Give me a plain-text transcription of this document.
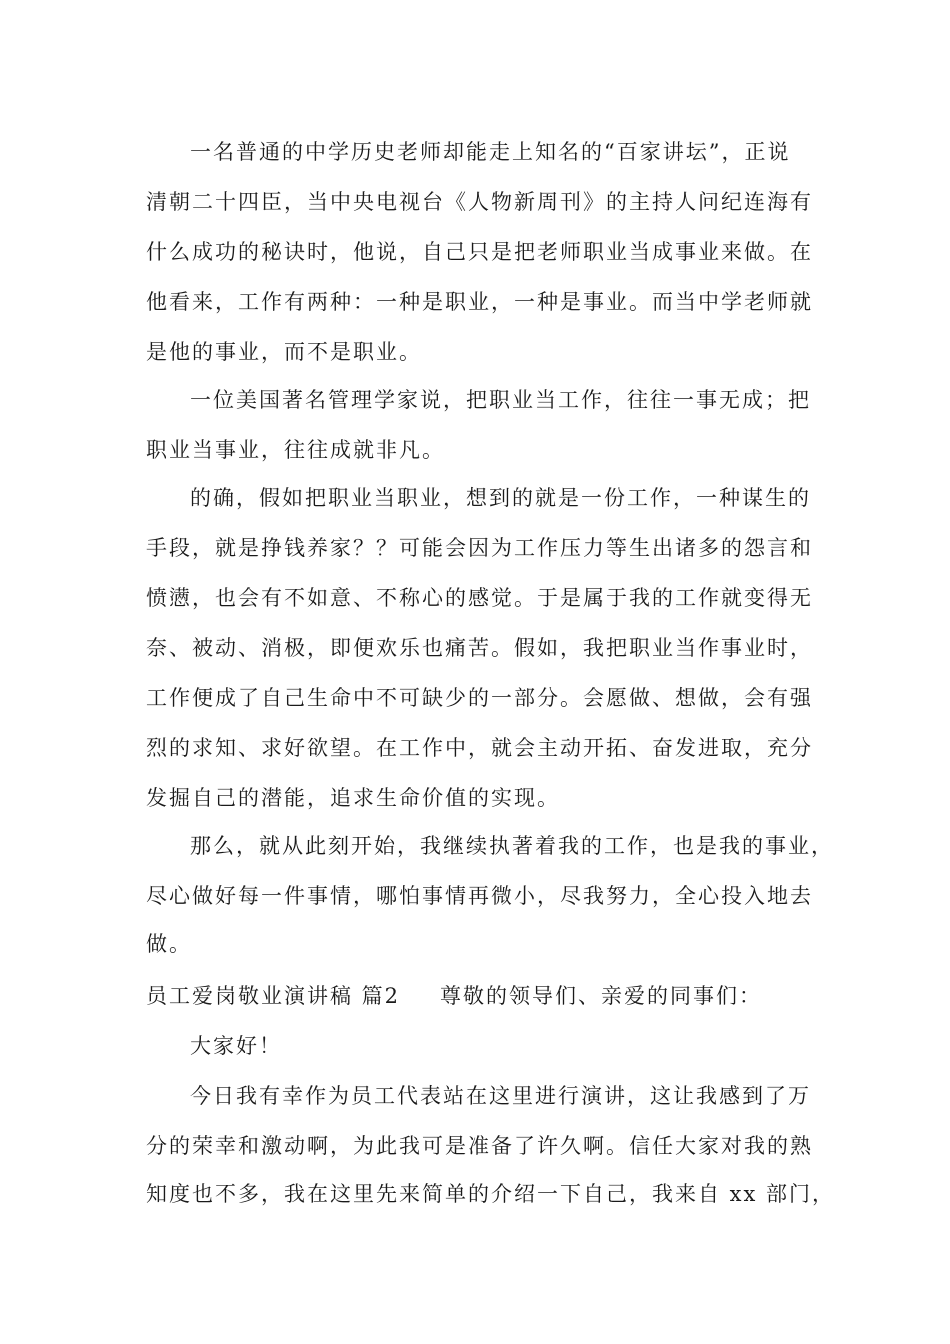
一名普通的中学历史老师却能走上知名的“百家讲坛”，正说
清朝二十四臣，当中央电视台《人物新周刊》的主持人问纪连海有
什么成功的秘诀时，他说，自己只是把老师职业当成事业来做。在
他看来，工作有两种：一种是职业，一种是事业。而当中学老师就
是他的事业，而不是职业。
一位美国著名管理学家说，把职业当工作，往往一事无成；把
职业当事业，往往成就非凡。
的确，假如把职业当职业，想到的就是一份工作，一种谋生的
手段，就是挣钱养家？？可能会因为工作压力等生出诸多的怨言和
愤懑，也会有不如意、不称心的感觉。于是属于我的工作就变得无
奈、被动、消极，即便欢乐也痛苦。假如，我把职业当作事业时，
工作便成了自己生命中不可缺少的一部分。会愿做、想做，会有强
烈的求知、求好欲望。在工作中，就会主动开拓、奋发进取，充分
发掘自己的潜能，追求生命价值的实现。
那么，就从此刻开始，我继续执著着我的工作，也是我的事业，
尽心做好每一件事情，哪怕事情再微小，尽我努力，全心投入地去
做。
员工爱岗敬业演讲稿 篇2 尊敬的领导们、亲爱的同事们：
大家好！
今日我有幸作为员工代表站在这里进行演讲，这让我感到了万
分的荣幸和激动啊，为此我可是准备了许久啊。信任大家对我的熟
知度也不多，我在这里先来简单的介绍一下自己，我来自 xx 部门，
